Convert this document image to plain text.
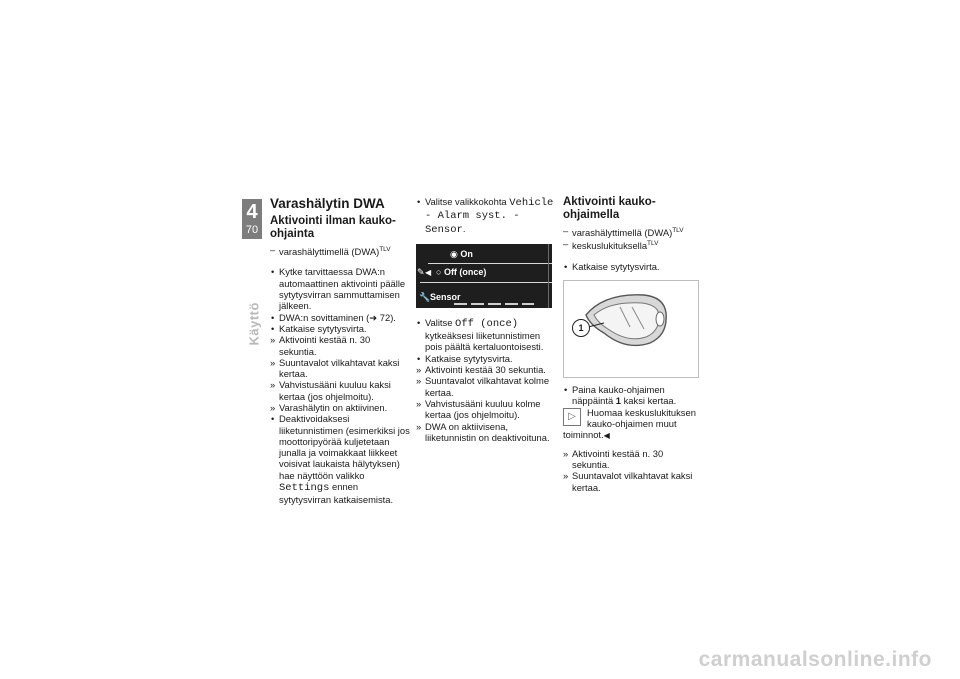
4
70
Käyttö
Varashälytin DWA
Aktivointi ilman kauko-ohjainta

– varashälyttimellä (DWA)$^{TLV}$

• Kytke tarvittaessa DWA:n automaattinen aktivointi päälle sytytysvirran sammuttamisen jälkeen.
• DWA:n sovittaminen (➜ 72).
• Katkaise sytytysvirta.
» Aktivointi kestää n. 30 sekuntia.
» Suuntavalot vilkahtavat kaksi kertaa.
» Vahvistusääni kuuluu kaksi kertaa (jos ohjelmoitu).
» Varashälytin on aktiivinen.
• Deaktivoidaksesi liiketunnistimen (esimerkiksi jos moottoripyörää kuljetetaan junalla ja voimakkaat liikkeet voisivat laukaista hälytyksen) hae näyttöön valikko Settings ennen sytytysvirran katkaisemista.
• Valitse valikkokohta Vehicle - Alarm syst. - Sensor.
◉ On
✎ ◀ ○ Off (once)
🔧 Sensor
• Valitse Off (once) kytkeäksesi liiketunnistimen pois päältä kertaluontoisesti.
• Katkaise sytytysvirta.
» Aktivointi kestää 30 sekuntia.
» Suuntavalot vilkahtavat kolme kertaa.
» Vahvistusääni kuuluu kolme kertaa (jos ohjelmoitu).
» DWA on aktiivisena, liiketunnistin on deaktivoituna.
Aktivointi kauko-ohjaimella

– varashälyttimellä (DWA)$^{TLV}$

– keskuslukituksella$^{TLV}$

• Katkaise sytytysvirta.
1
• Paina kauko-ohjaimen näppäintä 1 kaksi kertaa.
▷	Huomaa keskuslukituksen kauko-ohjaimen muut toiminnot.◀
» Aktivointi kestää n. 30 sekuntia.
» Suuntavalot vilkahtavat kaksi kertaa.
carmanualsonline.info
